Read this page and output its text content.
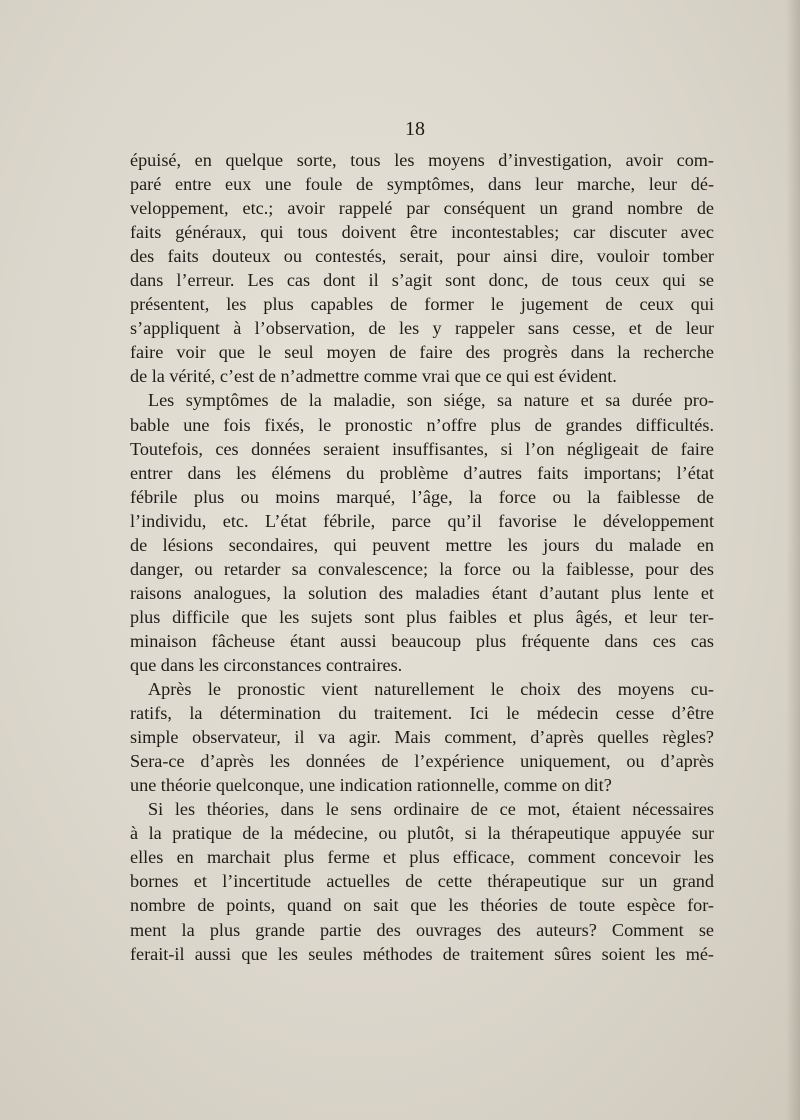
18
épuisé, en quelque sorte, tous les moyens d’investigation, avoir com-
paré entre eux une foule de symptômes, dans leur marche, leur dé-
veloppement, etc.; avoir rappelé par conséquent un grand nombre de
faits généraux, qui tous doivent être incontestables; car discuter avec
des faits douteux ou contestés, serait, pour ainsi dire, vouloir tomber
dans l’erreur. Les cas dont il s’agit sont donc, de tous ceux qui se
présentent, les plus capables de former le jugement de ceux qui
s’appliquent à l’observation, de les y rappeler sans cesse, et de leur
faire voir que le seul moyen de faire des progrès dans la recherche
de la vérité, c’est de n’admettre comme vrai que ce qui est évident.
Les symptômes de la maladie, son siége, sa nature et sa durée pro-
bable une fois fixés, le pronostic n’offre plus de grandes difficultés.
Toutefois, ces données seraient insuffisantes, si l’on négligeait de faire
entrer dans les élémens du problème d’autres faits importans; l’état
fébrile plus ou moins marqué, l’âge, la force ou la faiblesse de
l’individu, etc. L’état fébrile, parce qu’il favorise le développement
de lésions secondaires, qui peuvent mettre les jours du malade en
danger, ou retarder sa convalescence; la force ou la faiblesse, pour des
raisons analogues, la solution des maladies étant d’autant plus lente et
plus difficile que les sujets sont plus faibles et plus âgés, et leur ter-
minaison fâcheuse étant aussi beaucoup plus fréquente dans ces cas
que dans les circonstances contraires.
Après le pronostic vient naturellement le choix des moyens cu-
ratifs, la détermination du traitement. Ici le médecin cesse d’être
simple observateur, il va agir. Mais comment, d’après quelles règles?
Sera-ce d’après les données de l’expérience uniquement, ou d’après
une théorie quelconque, une indication rationnelle, comme on dit?
Si les théories, dans le sens ordinaire de ce mot, étaient nécessaires
à la pratique de la médecine, ou plutôt, si la thérapeutique appuyée sur
elles en marchait plus ferme et plus efficace, comment concevoir les
bornes et l’incertitude actuelles de cette thérapeutique sur un grand
nombre de points, quand on sait que les théories de toute espèce for-
ment la plus grande partie des ouvrages des auteurs? Comment se
ferait-il aussi que les seules méthodes de traitement sûres soient les mé-
